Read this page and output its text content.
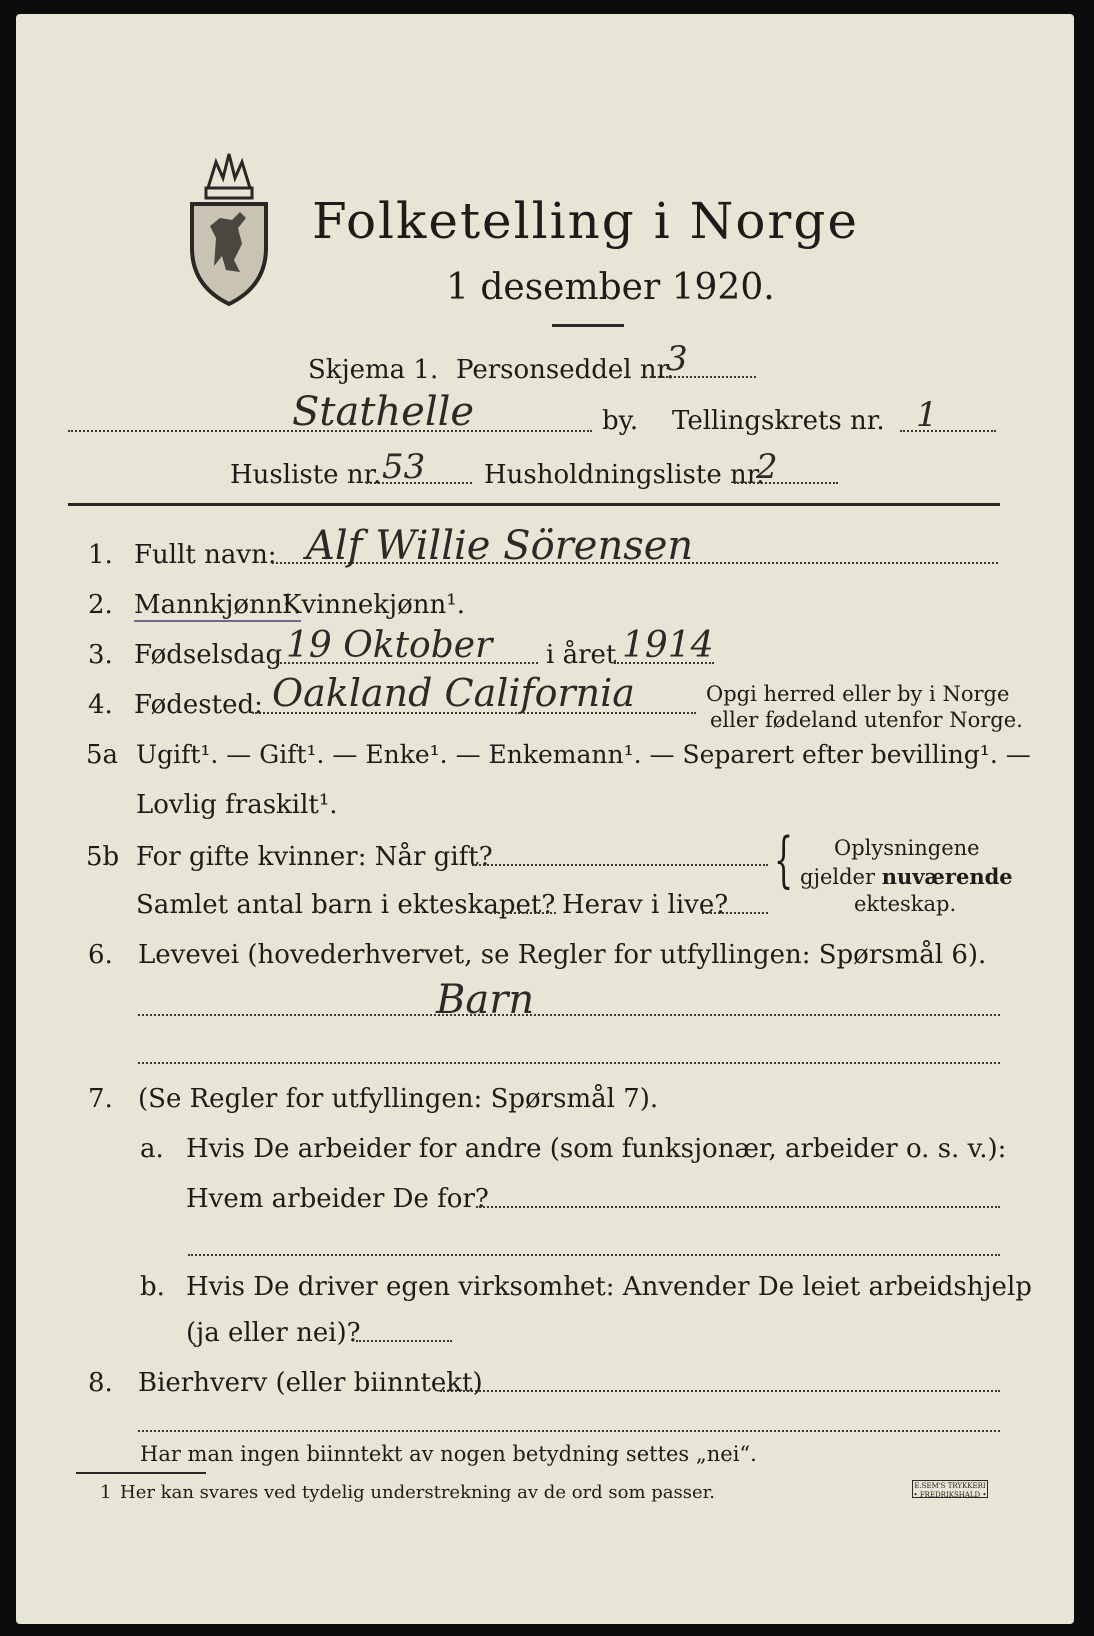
Folketelling i Norge
1 desember 1920.
Skjema 1. Personseddel nr.
3
Stathelle	by. Tellingskrets nr. 1
Husliste nr. 53 Husholdningsliste nr.
2
1. Fullt navn: Alf Willie Sörensen
2. Mannkjønn¹.
Kvinnekjønn¹.
3. Fødselsdag 19 Oktober i året 1914
4. Fødested: Oakland California	Opgi herred eller by i Norge
eller fødeland utenfor Norge.
5a Ugift¹. — Gift¹. — Enke¹. — Enkemann¹. — Separert efter bevilling¹. —
Lovlig fraskilt¹.
5b For gifte kvinner: Når gift?
Samlet antal barn i ekteskapet? Herav i live?
{ Oplysningene
gjelder nuværende
ekteskap.
6. Levevei (hovederhvervet, se Regler for utfyllingen: Spørsmål 6).
Barn
7. (Se Regler for utfyllingen: Spørsmål 7).
a. Hvis De arbeider for andre (som funksjonær, arbeider o. s. v.):
Hvem arbeider De for?
b. Hvis De driver egen virksomhet: Anvender De leiet arbeidshjelp
(ja eller nei)?
8. Bierhverv (eller biinntekt)
Har man ingen biinntekt av nogen betydning settes „nei“.
1 Her kan svares ved tydelig understrekning av de ord som passer.	E.SEM'S TRYKKERI • FREDRIKSHALD •
